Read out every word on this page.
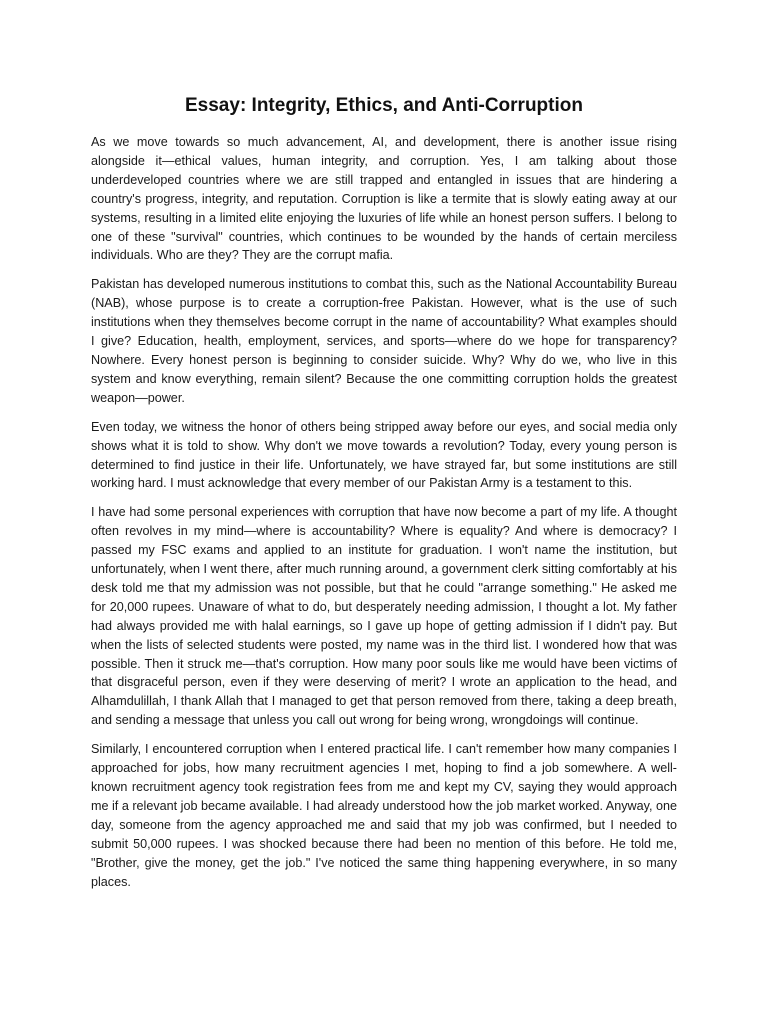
Essay: Integrity, Ethics, and Anti-Corruption

As we move towards so much advancement, AI, and development, there is another issue rising alongside it—ethical values, human integrity, and corruption. Yes, I am talking about those underdeveloped countries where we are still trapped and entangled in issues that are hindering a country's progress, integrity, and reputation. Corruption is like a termite that is slowly eating away at our systems, resulting in a limited elite enjoying the luxuries of life while an honest person suffers. I belong to one of these "survival" countries, which continues to be wounded by the hands of certain merciless individuals. Who are they? They are the corrupt mafia.

Pakistan has developed numerous institutions to combat this, such as the National Accountability Bureau (NAB), whose purpose is to create a corruption-free Pakistan. However, what is the use of such institutions when they themselves become corrupt in the name of accountability? What examples should I give? Education, health, employment, services, and sports—where do we hope for transparency? Nowhere. Every honest person is beginning to consider suicide. Why? Why do we, who live in this system and know everything, remain silent? Because the one committing corruption holds the greatest weapon—power.

Even today, we witness the honor of others being stripped away before our eyes, and social media only shows what it is told to show. Why don't we move towards a revolution? Today, every young person is determined to find justice in their life. Unfortunately, we have strayed far, but some institutions are still working hard. I must acknowledge that every member of our Pakistan Army is a testament to this.

I have had some personal experiences with corruption that have now become a part of my life. A thought often revolves in my mind—where is accountability? Where is equality? And where is democracy? I passed my FSC exams and applied to an institute for graduation. I won't name the institution, but unfortunately, when I went there, after much running around, a government clerk sitting comfortably at his desk told me that my admission was not possible, but that he could "arrange something." He asked me for 20,000 rupees. Unaware of what to do, but desperately needing admission, I thought a lot. My father had always provided me with halal earnings, so I gave up hope of getting admission if I didn't pay. But when the lists of selected students were posted, my name was in the third list. I wondered how that was possible. Then it struck me—that's corruption. How many poor souls like me would have been victims of that disgraceful person, even if they were deserving of merit? I wrote an application to the head, and Alhamdulillah, I thank Allah that I managed to get that person removed from there, taking a deep breath, and sending a message that unless you call out wrong for being wrong, wrongdoings will continue.

Similarly, I encountered corruption when I entered practical life. I can't remember how many companies I approached for jobs, how many recruitment agencies I met, hoping to find a job somewhere. A well-known recruitment agency took registration fees from me and kept my CV, saying they would approach me if a relevant job became available. I had already understood how the job market worked. Anyway, one day, someone from the agency approached me and said that my job was confirmed, but I needed to submit 50,000 rupees. I was shocked because there had been no mention of this before. He told me, "Brother, give the money, get the job." I've noticed the same thing happening everywhere, in so many places.
